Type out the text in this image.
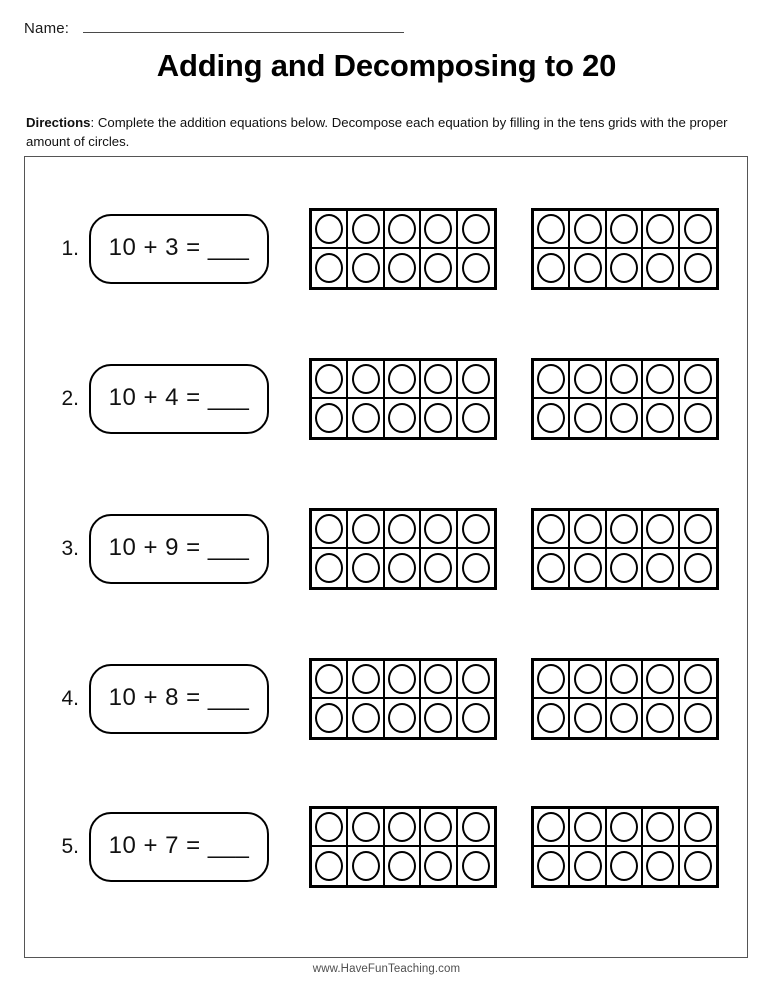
Name:
Adding and Decomposing to 20
Directions: Complete the addition equations below. Decompose each equation by filling in the tens grids with the proper amount of circles.
1. 10 + 3 = ___
2. 10 + 4 = ___
3. 10 + 9 = ___
4. 10 + 8 = ___
5. 10 + 7 = ___
www.HaveFunTeaching.com
